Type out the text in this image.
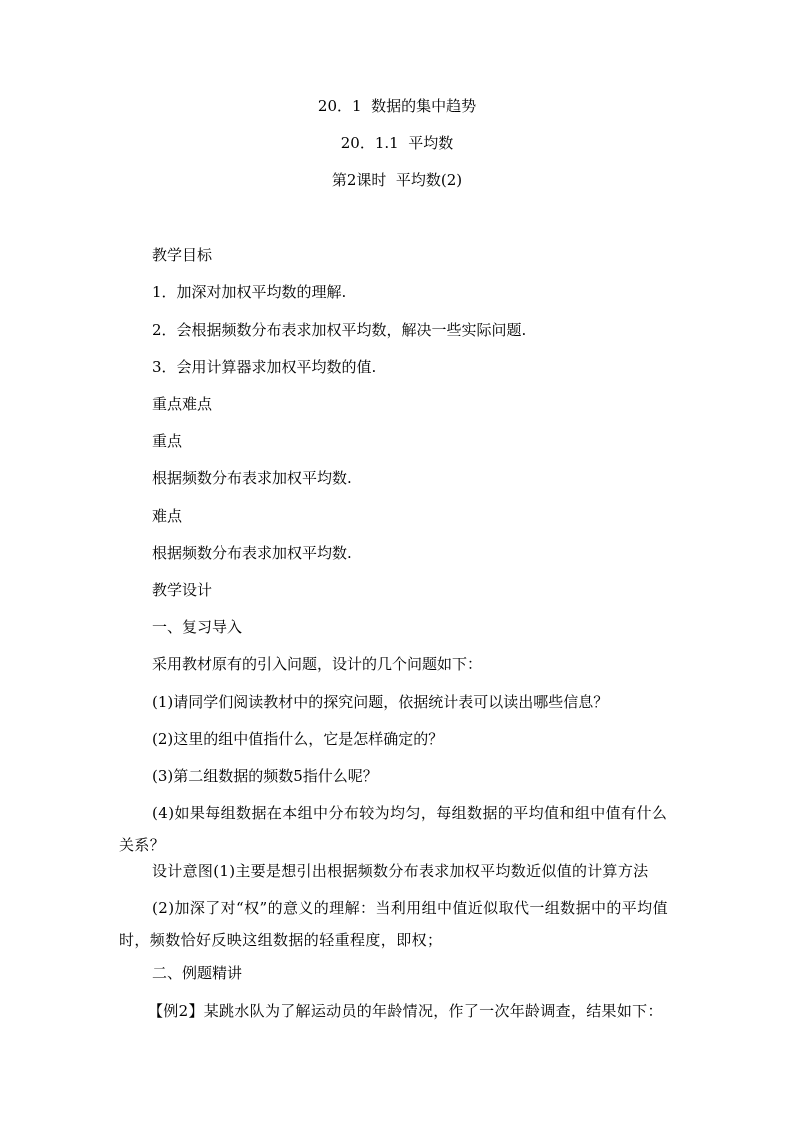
20．1  数据的集中趋势
20．1.1  平均数
第2课时  平均数(2)
教学目标
1．加深对加权平均数的理解.
2．会根据频数分布表求加权平均数，解决一些实际问题.
3．会用计算器求加权平均数的值.
重点难点
重点
根据频数分布表求加权平均数.
难点
根据频数分布表求加权平均数.
教学设计
一、复习导入
采用教材原有的引入问题，设计的几个问题如下：
(1)请同学们阅读教材中的探究问题，依据统计表可以读出哪些信息？
(2)这里的组中值指什么，它是怎样确定的？
(3)第二组数据的频数5指什么呢？
(4)如果每组数据在本组中分布较为均匀，每组数据的平均值和组中值有什么关系？
设计意图(1)主要是想引出根据频数分布表求加权平均数近似值的计算方法
(2)加深了对“权”的意义的理解：当利用组中值近似取代一组数据中的平均值时，频数恰好反映这组数据的轻重程度，即权；
二、例题精讲
【例2】某跳水队为了解运动员的年龄情况，作了一次年龄调查，结果如下：
